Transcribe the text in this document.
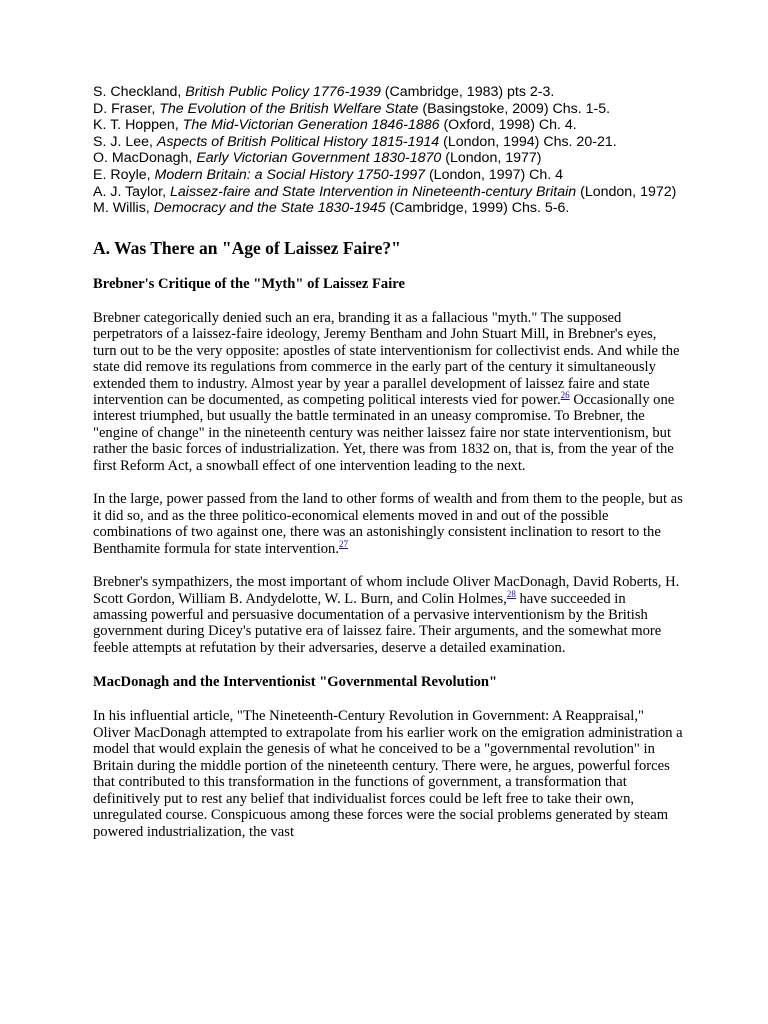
S. Checkland, British Public Policy 1776-1939 (Cambridge, 1983) pts 2-3.

D. Fraser, The Evolution of the British Welfare State (Basingstoke, 2009) Chs. 1-5.

K. T. Hoppen, The Mid-Victorian Generation 1846-1886 (Oxford, 1998) Ch. 4.

S. J. Lee, Aspects of British Political History 1815-1914 (London, 1994) Chs. 20-21.

O. MacDonagh, Early Victorian Government 1830-1870 (London, 1977)

E. Royle, Modern Britain: a Social History 1750-1997 (London, 1997) Ch. 4

A. J. Taylor, Laissez-faire and State Intervention in Nineteenth-century Britain (London, 1972)

M. Willis, Democracy and the State 1830-1945 (Cambridge, 1999) Chs. 5-6.

A. Was There an "Age of Laissez Faire?"
Brebner's Critique of the "Myth" of Laissez Faire

Brebner categorically denied such an era, branding it as a fallacious "myth." The supposed perpetrators of a laissez-faire ideology, Jeremy Bentham and John Stuart Mill, in Brebner's eyes, turn out to be the very opposite: apostles of state interventionism for collectivist ends. And while the state did remove its regulations from commerce in the early part of the century it simultaneously extended them to industry. Almost year by year a parallel development of laissez faire and state intervention can be documented, as competing political interests vied for power.$^{26}$ Occasionally one interest triumphed, but usually the battle terminated in an uneasy compromise. To Brebner, the "engine of change" in the nineteenth century was neither laissez faire nor state interventionism, but rather the basic forces of industrialization. Yet, there was from 1832 on, that is, from the year of the first Reform Act, a snowball effect of one intervention leading to the next.

In the large, power passed from the land to other forms of wealth and from them to the people, but as it did so, and as the three politico-economical elements moved in and out of the possible combinations of two against one, there was an astonishingly consistent inclination to resort to the Benthamite formula for state intervention.$^{27}$

Brebner's sympathizers, the most important of whom include Oliver MacDonagh, David Roberts, H. Scott Gordon, William B. Andydelotte, W. L. Burn, and Colin Holmes,$^{28}$ have succeeded in amassing powerful and persuasive documentation of a pervasive interventionism by the British government during Dicey's putative era of laissez faire. Their arguments, and the somewhat more feeble attempts at refutation by their adversaries, deserve a detailed examination.

MacDonagh and the Interventionist "Governmental Revolution"

In his influential article, "The Nineteenth-Century Revolution in Government: A Reappraisal," Oliver MacDonagh attempted to extrapolate from his earlier work on the emigration administration a model that would explain the genesis of what he conceived to be a "governmental revolution" in Britain during the middle portion of the nineteenth century. There were, he argues, powerful forces that contributed to this transformation in the functions of government, a transformation that definitively put to rest any belief that individualist forces could be left free to take their own, unregulated course. Conspicuous among these forces were the social problems generated by steam powered industrialization, the vast
